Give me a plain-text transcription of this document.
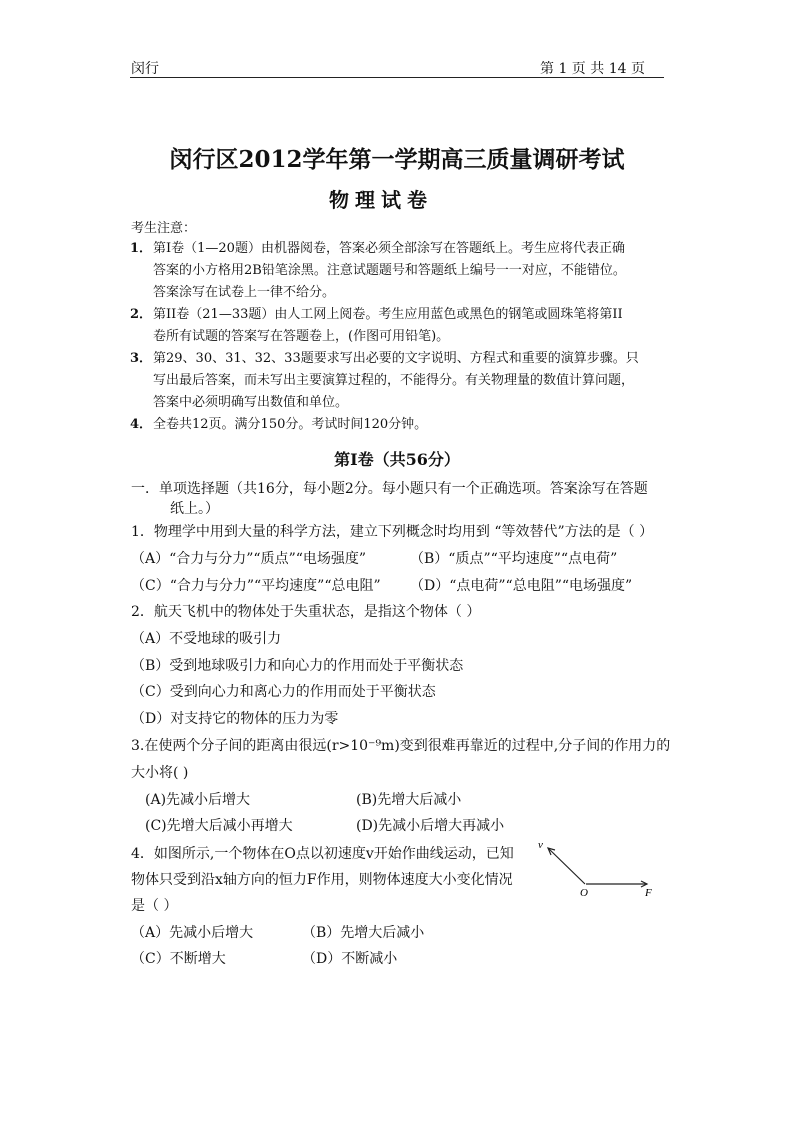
闵行	第 1 页 共 14 页
闵行区2012学年第一学期高三质量调研考试
物理试卷
考生注意：
1． 第I卷（1—20题）由机器阅卷，答案必须全部涂写在答题纸上。考生应将代表正确
答案的小方格用2B铅笔涂黑。注意试题题号和答题纸上编号一一对应，不能错位。
答案涂写在试卷上一律不给分。
2． 第II卷（21—33题）由人工网上阅卷。考生应用蓝色或黑色的钢笔或圆珠笔将第II
卷所有试题的答案写在答题卷上，(作图可用铅笔)。
3． 第29、30、31、32、33题要求写出必要的文字说明、方程式和重要的演算步骤。只
写出最后答案，而未写出主要演算过程的，不能得分。有关物理量的数值计算问题，
答案中必须明确写出数值和单位。
4． 全卷共12页。满分150分。考试时间120分钟。
第I卷（共56分）
一．单项选择题（共16分，每小题2分。每小题只有一个正确选项。答案涂写在答题
纸上。）
1．物理学中用到大量的科学方法，建立下列概念时均用到 “等效替代”方法的是（ ）
（A）“合力与分力”“质点”“电场强度”	（B）“质点”“平均速度”“点电荷”
（C）“合力与分力”“平均速度”“总电阻” （D）“点电荷”“总电阻”“电场强度”
2．航天飞机中的物体处于失重状态，是指这个物体（ ）
（A）不受地球的吸引力
（B）受到地球吸引力和向心力的作用而处于平衡状态
（C）受到向心力和离心力的作用而处于平衡状态
（D）对支持它的物体的压力为零
3.在使两个分子间的距离由很远(r>10⁻⁹m)变到很难再靠近的过程中,分子间的作用力的
大小将( )
(A)先减小后增大	(B)先增大后减小
(C)先增大后减小再增大	(D)先减小后增大再减小
4．如图所示,一个物体在O点以初速度v开始作曲线运动，已知
物体只受到沿x轴方向的恒力F作用，则物体速度大小变化情况
是（ ）
v
O	F
（A）先减小后增大	（B）先增大后减小
（C）不断增大	（D）不断减小
